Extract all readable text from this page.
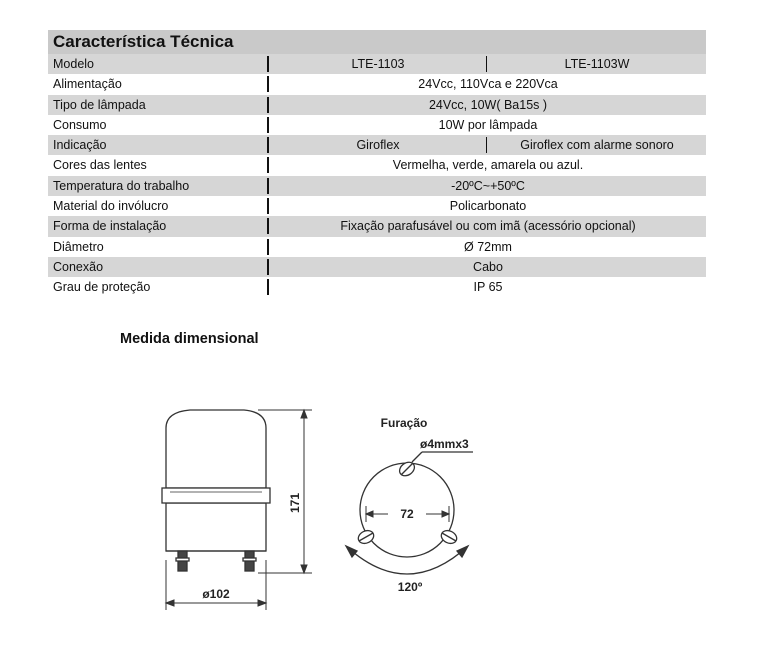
Característica Técnica
Modelo	LTE-1103	LTE-1103W
Alimentação	24Vcc, 110Vca e 220Vca
Tipo de lâmpada	24Vcc, 10W( Ba15s )
Consumo	10W por lâmpada
Indicação	Giroflex	Giroflex com alarme sonoro
Cores das lentes	Vermelha, verde, amarela ou azul.
Temperatura do trabalho	-20ºC~+50ºC
Material do invólucro	Policarbonato
Forma de instalação	Fixação parafusável ou com imã (acessório opcional)
Diâmetro	Ø 72mm
Conexão	Cabo
Grau de proteção	IP 65
Medida dimensional
171
ø102
Furação
ø4mmx3
72
120º
